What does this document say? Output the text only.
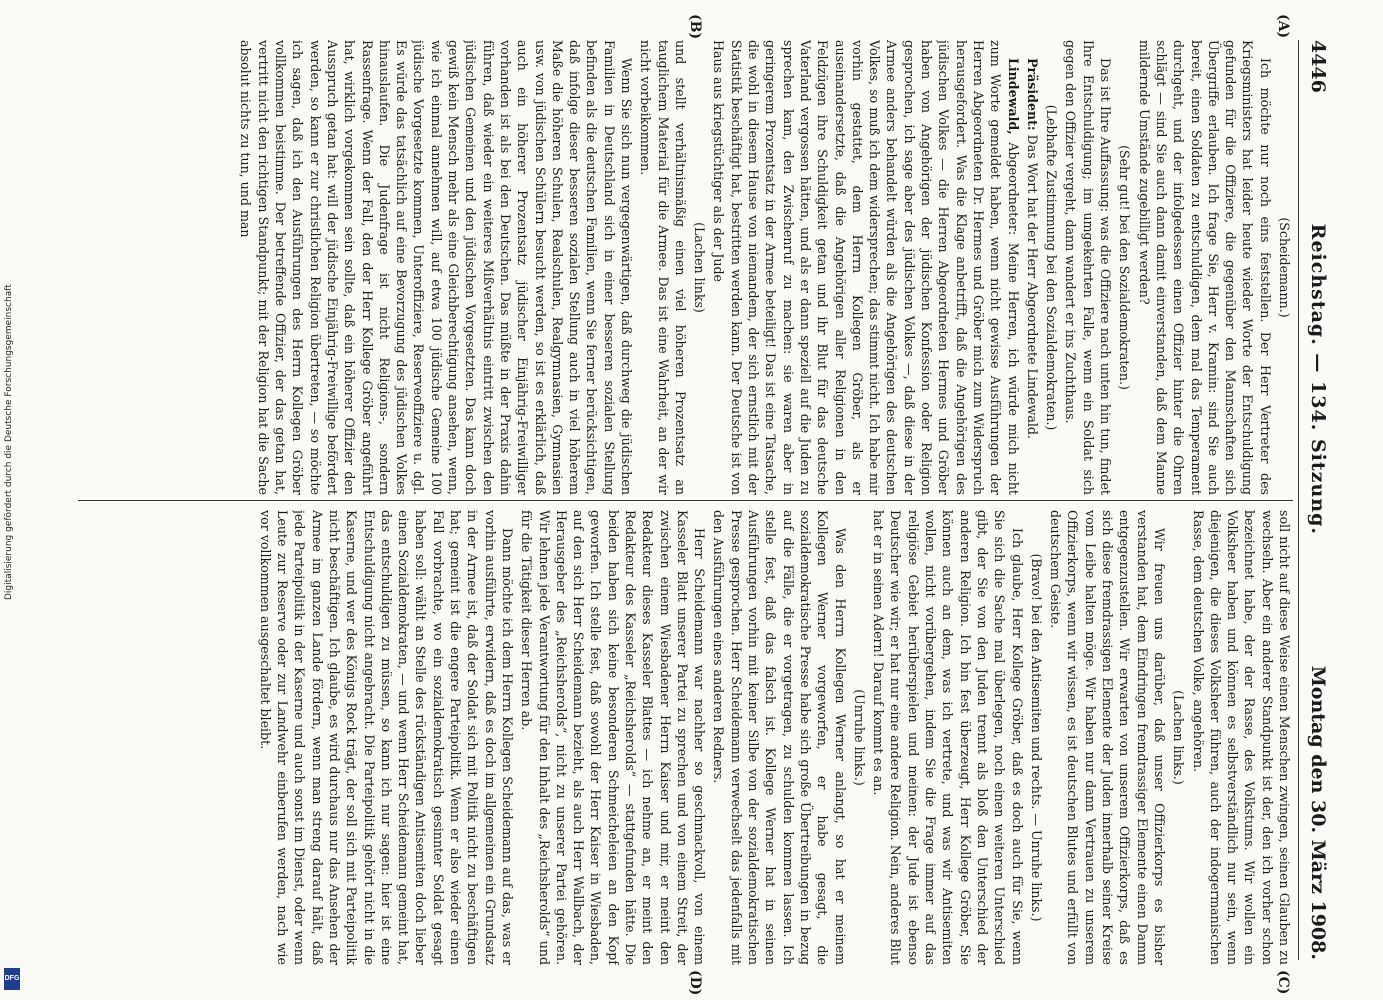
Digitalisierung gefördert durch die Deutsche Forschungsgemeinschaft
DFG
4446
Reichstag. — 134. Sitzung.
Montag den 30. März 1908.
(A)
(B)
(C)
(D)

(Scheidemann.)

Ich möchte nur noch eins feststellen. Der Herr Vertreter des Kriegsministers hat leider heute wieder Worte der Entschuldigung gefunden für die Offiziere, die gegenüber den Mannschaften sich Übergriffe erlauben. Ich frage Sie, Herr v. Kramin: sind Sie auch bereit, einen Soldaten zu entschuldigen, dem mal das Temperament durchgeht, und der infolgedessen einen Offizier hinter die Ohren schlägt — sind Sie auch dann damit einverstanden, daß dem Manne mildernde Umstände zugebilligt werden?

(Sehr gut! bei den Sozialdemokraten.)

Das ist Ihre Auffassung: was die Offiziere nach unten hin tun, findet Ihre Entschuldigung; im umgekehrten Falle, wenn ein Soldat sich gegen den Offizier vergeht, dann wandert er ins Zuchthaus.

(Lebhafte Zustimmung bei den Sozialdemokraten.)

Präsident: Das Wort hat der Herr Abgeordnete Lindewald.

Lindewald, Abgeordneter: Meine Herren, ich würde mich nicht zum Worte gemeldet haben, wenn nicht gewisse Ausführungen der Herren Abgeordneten Dr. Hermes und Gröber mich zum Widerspruch herausgefordert. Was die Klage anbetrifft, daß die Angehörigen des jüdischen Volkes — die Herren Abgeordneten Hermes und Gröber haben von Angehörigen der jüdischen Konfession oder Religion gesprochen, ich sage aber des jüdischen Volkes —, daß diese in der Armee anders behandelt würden als die Angehörigen des deutschen Volkes, so muß ich dem widersprechen; das stimmt nicht. Ich habe mir vorhin gestattet, dem Herrn Kollegen Gröber, als er auseinandersetzte, daß die Angehörigen aller Religionen in den Feldzügen ihre Schuldigkeit getan und ihr Blut für das deutsche Vaterland vergossen hätten, und als er dann speziell auf die Juden zu sprechen kam, den Zwischenruf zu machen: sie waren aber in geringerem Prozentsatz in der Armee beteiligt! Das ist eine Tatsache, die wohl in diesem Hause von niemandem, der sich ernstlich mit der Statistik beschäftigt hat, bestritten werden kann. Der Deutsche ist von Haus aus kriegstüchtiger als der Jude

(Lachen links)

und stellt verhältnismäßig einen viel höheren Prozentsatz an tauglichem Material für die Armee. Das ist eine Wahrheit, an der wir nicht vorbeikommen.

Wenn Sie sich nun vergegenwärtigen, daß durchweg die jüdischen Familien in Deutschland sich in einer besseren sozialen Stellung befinden als die deutschen Familien, wenn Sie ferner berücksichtigen, daß infolge dieser besseren sozialen Stellung auch in viel höherem Maße die höheren Schulen, Realschulen, Realgymnasien, Gymnasien usw. von jüdischen Schülern besucht werden, so ist es erklärlich, daß auch ein höherer Prozentsatz jüdischer Einjährig-Freiwilliger vorhanden ist als bei den Deutschen. Das müßte in der Praxis dahin führen, daß wieder ein weiteres Mißverhältnis eintritt zwischen den jüdischen Gemeinen und den jüdischen Vorgesetzten. Das kann doch gewiß kein Mensch mehr als eine Gleichberechtigung ansehen, wenn, wie ich einmal annehmen will, auf etwa 100 jüdische Gemeine 100 jüdische Vorgesetzte kommen, Unteroffiziere, Reserveoffiziere u. dgl. Es würde das tatsächlich auf eine Bevorzugung des jüdischen Volkes hinauslaufen. Die Judenfrage ist nicht Religions-, sondern Rassenfrage. Wenn der Fall, den der Herr Kollege Gröber angeführt hat, wirklich vorgekommen sein sollte, daß ein höherer Offizier den Ausspruch getan hat: will der jüdische Einjährig-Freiwillige befördert werden, so kann er zur christlichen Religion übertreten, — so möchte ich sagen, daß ich den Ausführungen des Herrn Kollegen Gröber vollkommen beistimme. Der betreffende Offizier, der das getan hat, vertritt nicht den richtigen Standpunkt; mit der Religion hat die Sache absolut nichts zu tun, und man

soll nicht auf diese Weise einen Menschen zwingen, seinen Glauben zu wechseln. Aber ein anderer Standpunkt ist der, den ich vorher schon bezeichnet habe, der der Rasse, des Volkstums. Wir wollen ein Volksheer haben und können es selbstverständlich nur sein, wenn diejenigen, die dieses Volksheer führen, auch der indogermanischen Rasse, dem deutschen Volke, angehören.

(Lachen links.)

Wir freuen uns darüber, daß unser Offizierkorps es bisher verstanden hat, dem Eindringen fremdrassiger Elemente einen Damm entgegenzustellen. Wir erwarten von unserem Offizierkorps, daß es sich diese fremdrassigen Elemente der Juden innerhalb seiner Kreise vom Leibe halten möge. Wir haben nur dann Vertrauen zu unserem Offizierkorps, wenn wir wissen, es ist deutschen Blutes und erfüllt von deutschem Geiste.

(Bravo! bei den Antisemiten und rechts. — Unruhe links.)

Ich glaube, Herr Kollege Gröber, daß es doch auch für Sie, wenn Sie sich die Sache mal überlegen, noch einen weiteren Unterschied gibt, der Sie von den Juden trennt als bloß den Unterschied der anderen Religion. Ich bin fest überzeugt, Herr Kollege Gröber, Sie können auch an dem, was ich vertrete, und was wir Antisemiten wollen, nicht vorübergehen, indem Sie die Frage immer auf das religiöse Gebiet herüberspielen und meinen: der Jude ist ebenso Deutscher wie wir; er hat nur eine andere Religion. Nein, anderes Blut hat er in seinen Adern! Darauf kommt es an.

(Unruhe links.)

Was den Herrn Kollegen Werner anlangt, so hat er meinem Kollegen Werner vorgeworfen, er habe gesagt, die sozialdemokratische Presse habe sich große Übertreibungen in bezug auf die Fälle, die er vorgetragen, zu schulden kommen lassen. Ich stelle fest, daß das falsch ist. Kollege Werner hat in seinen Ausführungen vorhin mit keiner Silbe von der sozialdemokratischen Presse gesprochen. Herr Scheidemann verwechselt das jedenfalls mit den Ausführungen eines anderen Redners.

Herr Scheidemann war nachher so geschmackvoll, von einem Kasseler Blatt unserer Partei zu sprechen und von einem Streit, der zwischen einem Wiesbadener Herrn Kaiser und mir, er meint den Redakteur dieses Kasseler Blattes — ich nehme an, er meint den Redakteur des Kasseler „Reichsherolds“ — stattgefunden hätte. Die beiden haben sich keine besonderen Schmeicheleien an den Kopf geworfen. Ich stelle fest, daß sowohl der Herr Kaiser in Wiesbaden, auf den sich Herr Scheidemann bezieht, als auch Herr Wallbach, der Herausgeber des „Reichsherolds“, nicht zu unserer Partei gehören. Wir lehnen jede Verantwortung für den Inhalt des „Reichsherolds“ und für die Tätigkeit dieser Herren ab.

Dann möchte ich dem Herrn Kollegen Scheidemann auf das, was er vorhin ausführte, erwidern, daß es doch im allgemeinen ein Grundsatz in der Armee ist, daß der Soldat sich mit Politik nicht zu beschäftigen hat; gemeint ist die engere Parteipolitik. Wenn er also wieder einen Fall vorbrachte, wo ein sozialdemokratisch gesinnter Soldat gesagt haben soll: wählt an Stelle des rückständigen Antisemiten doch lieber einen Sozialdemokraten, — und wenn Herr Scheidemann gemeint hat, das entschuldigen zu müssen, so kann ich nur sagen: hier ist eine Entschuldigung nicht angebracht. Die Parteipolitik gehört nicht in die Kaserne, und wer des Königs Rock trägt, der soll sich mit Parteipolitik nicht beschäftigen. Ich glaube, es wird durchaus nur das Ansehen der Armee im ganzen Lande fördern, wenn man streng darauf hält, daß jede Parteipolitik in der Kaserne und auch sonst im Dienst, oder wenn Leute zur Reserve oder zur Landwehr einberufen werden, nach wie vor vollkommen ausgeschaltet bleibt.
